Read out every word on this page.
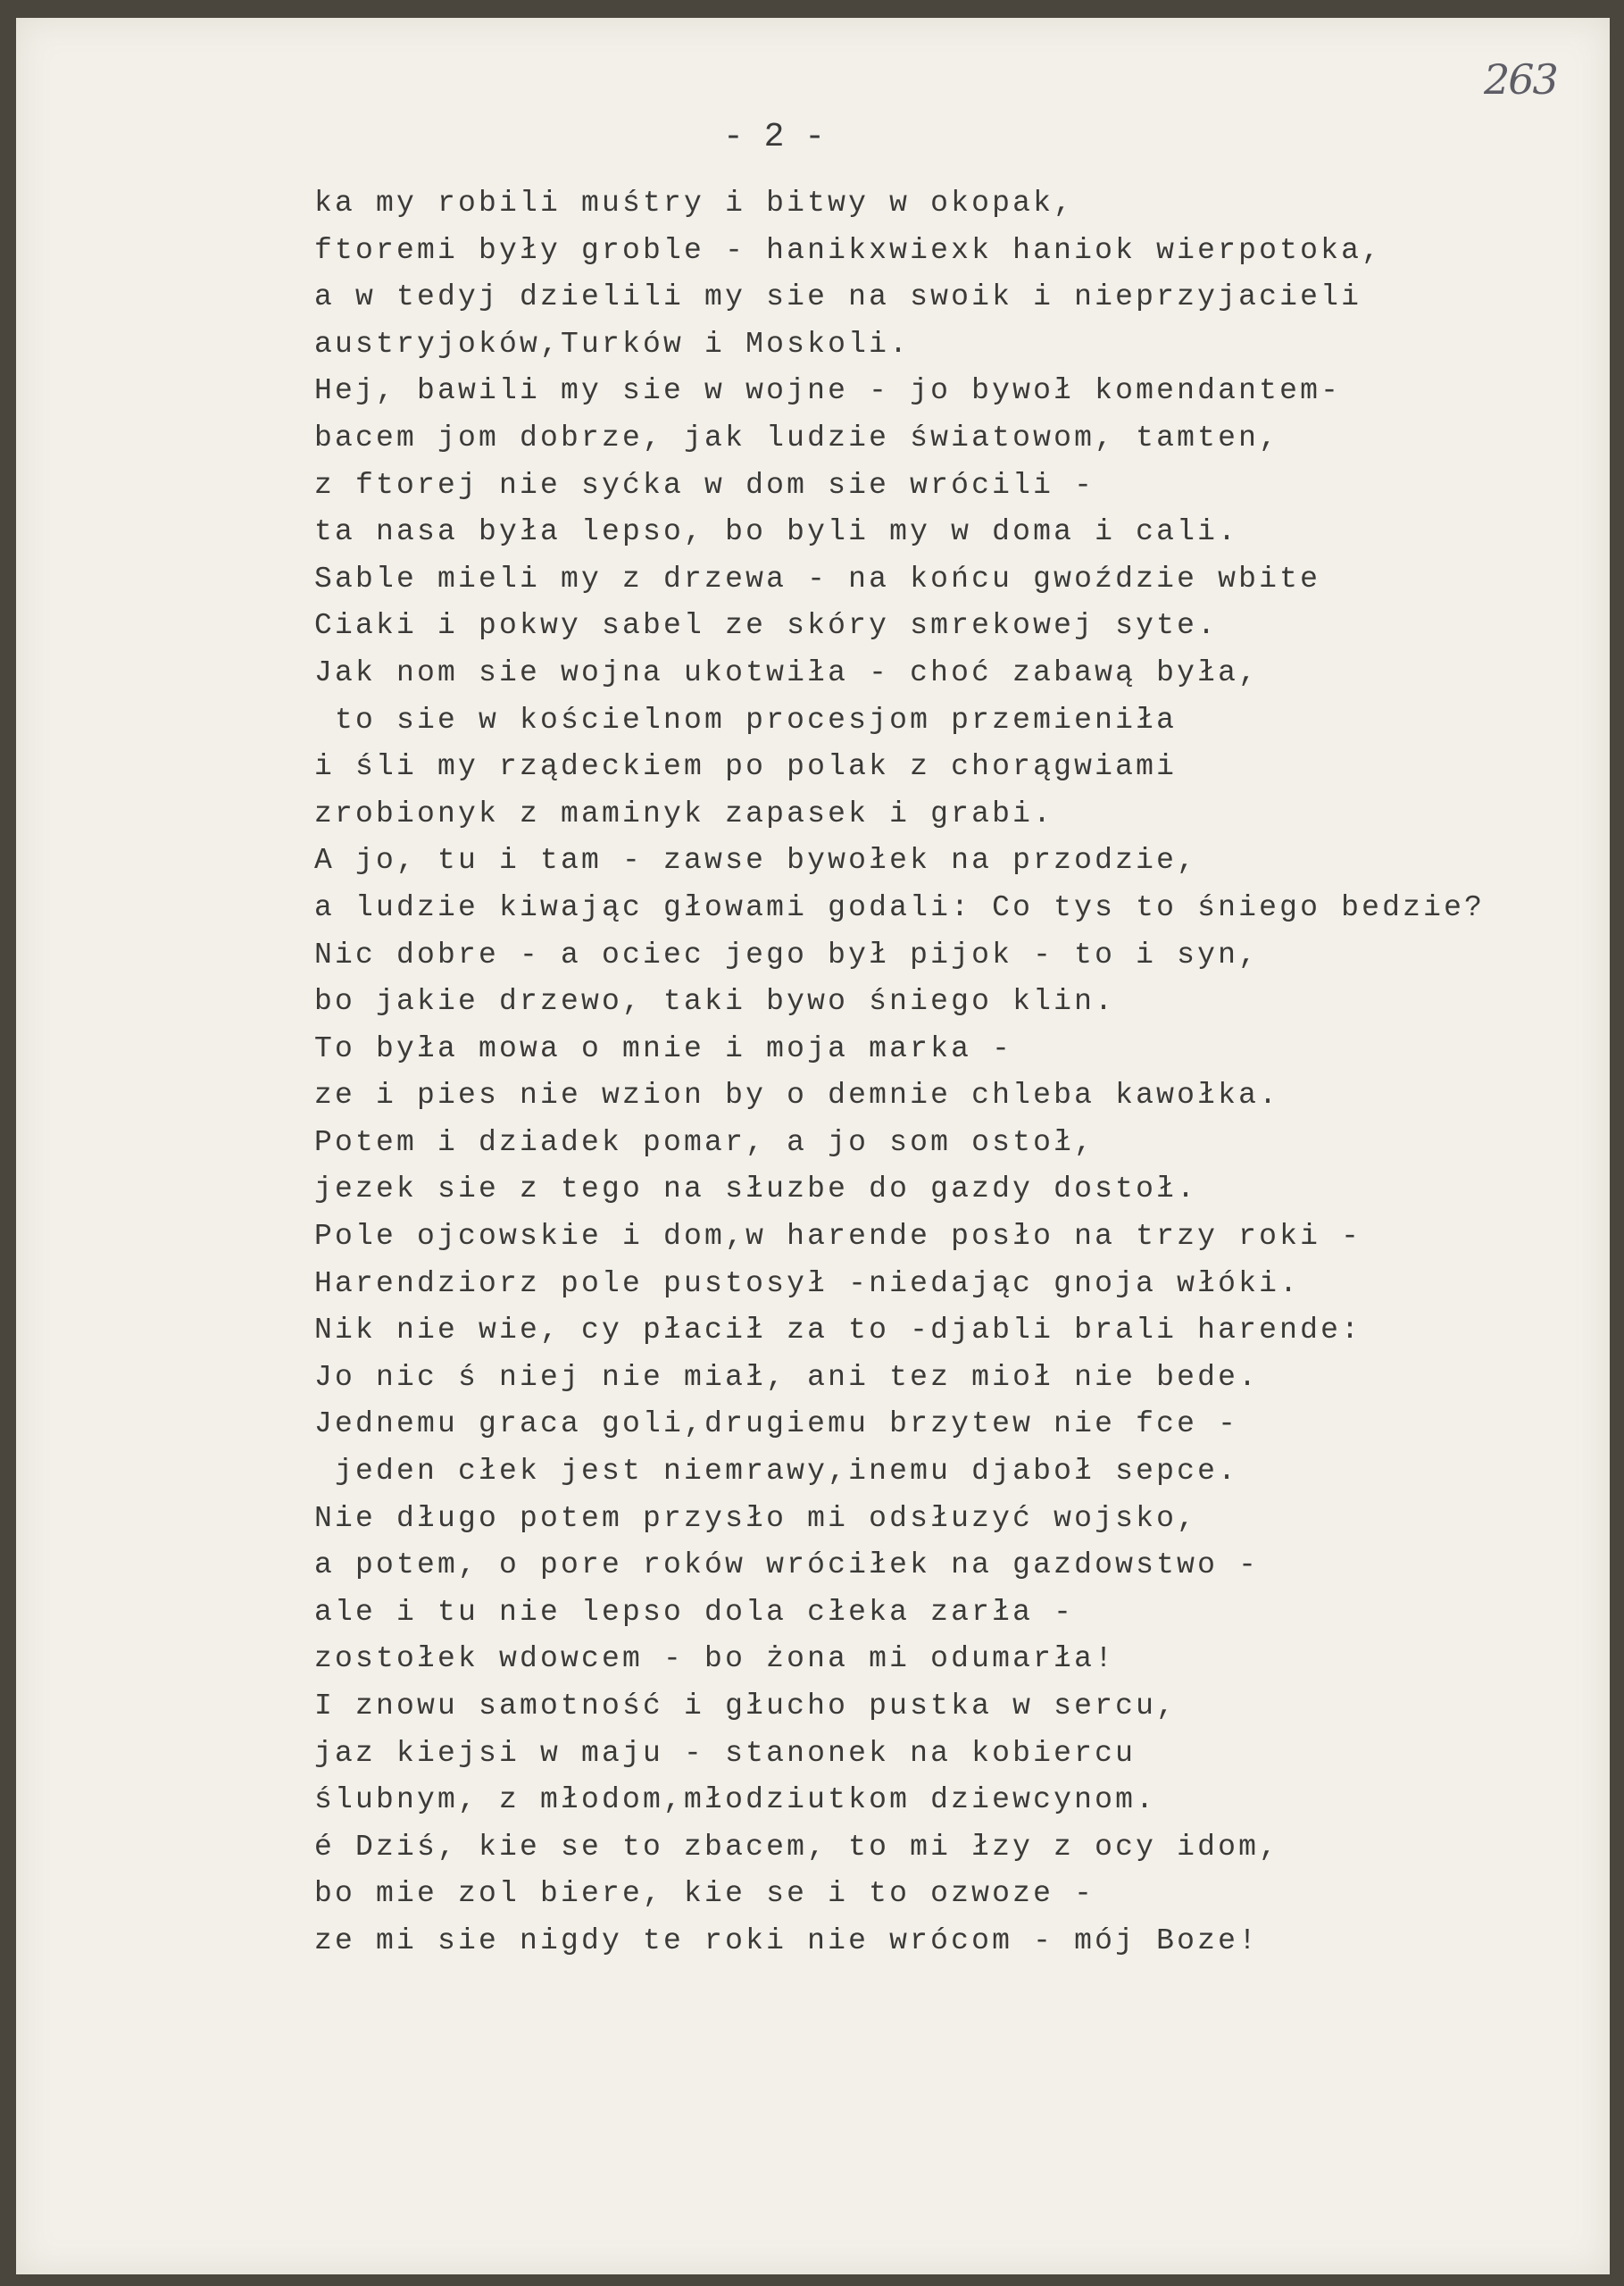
263
- 2 -
ka my robili muśtry i bitwy w okopak,
ftoremi były groble - hanikxwiexk haniok wierpotoka,
a w tedyj dzielili my sie na swoik i nieprzyjacieli
austryjoków,Turków i Moskoli.
Hej, bawili my sie w wojne - jo bywoł komendantem-
bacem jom dobrze, jak ludzie światowom, tamten,
z ftorej nie syćka w dom sie wrócili -
ta nasa była lepso, bo byli my w doma i cali.
Sable mieli my z drzewa - na końcu gwoździe wbite
Ciaki i pokwy sabel ze skóry smrekowej syte.
Jak nom sie wojna ukotwiła - choć zabawą była,
to sie w kościelnom procesjom przemieniła
i śli my rządeckiem po polak z chorągwiami
zrobionyk z maminyk zapasek i grabi.
A jo, tu i tam - zawse bywołek na przodzie,
a ludzie kiwając głowami godali: Co tys to śniego bedzie?
Nic dobre - a ociec jego był pijok - to i syn,
bo jakie drzewo, taki bywo śniego klin.
To była mowa o mnie i moja marka -
ze i pies nie wzion by o demnie chleba kawołka.
Potem i dziadek pomar, a jo som ostoł,
jezek sie z tego na słuzbe do gazdy dostoł.
Pole ojcowskie i dom,w harende posło na trzy roki -
Harendziorz pole pustosył -niedając gnoja włóki.
Nik nie wie, cy płacił za to -djabli brali harende:
Jo nic ś niej nie miał, ani tez mioł nie bede.
Jednemu graca goli,drugiemu brzytew nie fce -
jeden cłek jest niemrawy,inemu djaboł sepce.
Nie długo potem przysło mi odsłuzyć wojsko,
a potem, o pore roków wróciłek na gazdowstwo -
ale i tu nie lepso dola cłeka zarła -
zostołek wdowcem - bo żona mi odumarła!
I znowu samotność i głucho pustka w sercu,
jaz kiejsi w maju - stanonek na kobiercu
ślubnym, z młodom,młodziutkom dziewcynom.
é Dziś, kie se to zbacem, to mi łzy z ocy idom,
bo mie zol biere, kie se i to ozwoze -
ze mi sie nigdy te roki nie wrócom - mój Boze!
